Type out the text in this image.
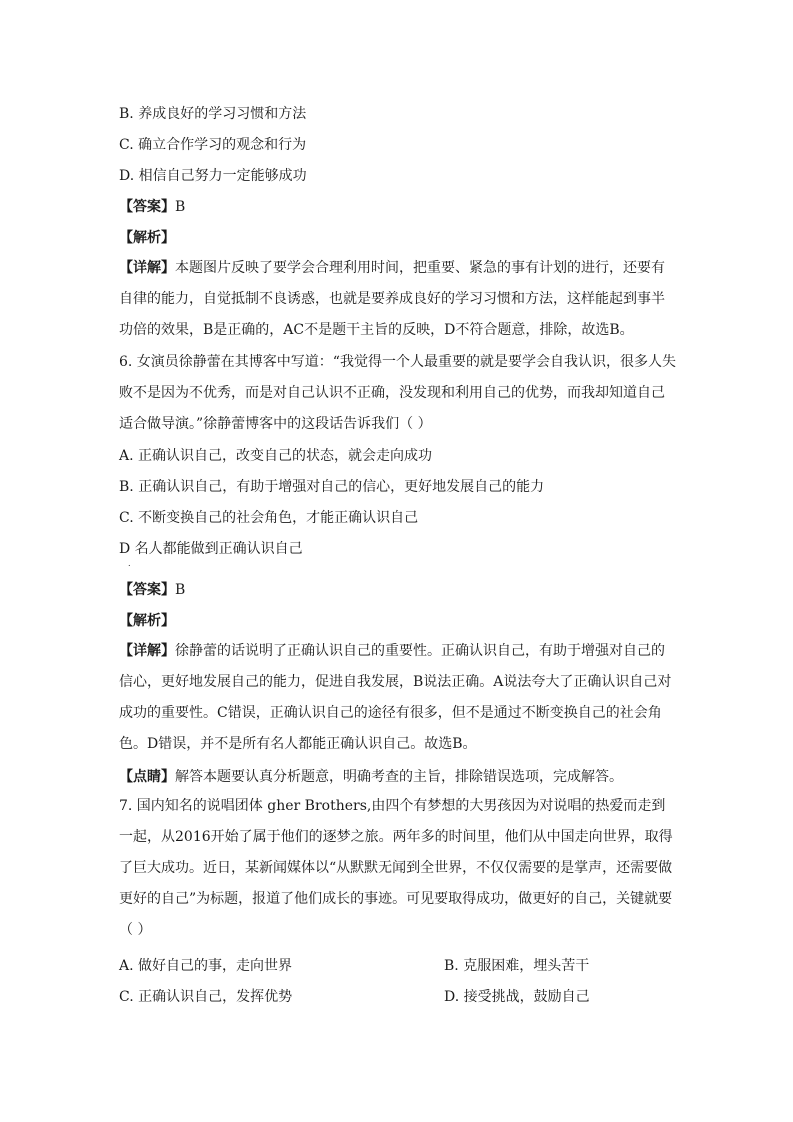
B. 养成良好的学习习惯和方法
C. 确立合作学习的观念和行为
D. 相信自己努力一定能够成功
【答案】B
【解析】

【详解】本题图片反映了要学会合理利用时间，把重要、紧急的事有计划的进行，还要有自律的能力，自觉抵制不良诱惑，也就是要养成良好的学习习惯和方法，这样能起到事半功倍的效果，B是正确的，AC不是题干主旨的反映，D不符合题意，排除，故选B。

6. 女演员徐静蕾在其博客中写道：“我觉得一个人最重要的就是要学会自我认识，很多人失败不是因为不优秀，而是对自己认识不正确，没发现和利用自己的优势，而我却知道自己适合做导演。”徐静蕾博客中的这段话告诉我们（ ）

A. 正确认识自己，改变自己的状态，就会走向成功
B. 正确认识自己，有助于增强对自己的信心，更好地发展自己的能力
C. 不断变换自己的社会角色，才能正确认识自己
D 名人都能做到正确认识自己
.
【答案】B
【解析】

【详解】徐静蕾的话说明了正确认识自己的重要性。正确认识自己，有助于增强对自己的信心，更好地发展自己的能力，促进自我发展，B说法正确。A说法夸大了正确认识自己对成功的重要性。C错误，正确认识自己的途径有很多，但不是通过不断变换自己的社会角色。D错误，并不是所有名人都能正确认识自己。故选B。

【点睛】解答本题要认真分析题意，明确考查的主旨，排除错误选项，完成解答。

7. 国内知名的说唱团体 gher Brothers,由四个有梦想的大男孩因为对说唱的热爱而走到一起，从2016开始了属于他们的逐梦之旅。两年多的时间里，他们从中国走向世界，取得了巨大成功。近日，某新闻媒体以“从默默无闻到全世界，不仅仅需要的是掌声，还需要做更好的自己”为标题，报道了他们成长的事迹。可见要取得成功，做更好的自己，关键就要（ ）

A. 做好自己的事，走向世界	B. 克服困难，埋头苦干
C. 正确认识自己，发挥优势	D. 接受挑战，鼓励自己
